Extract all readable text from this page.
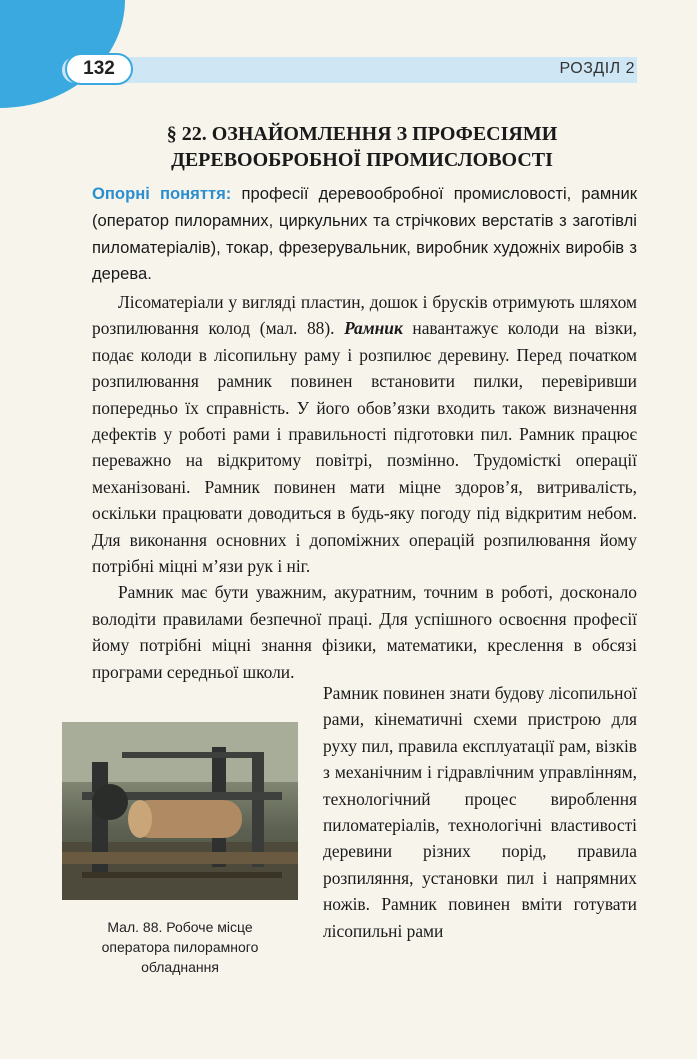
132	РОЗДІЛ 2
§ 22. ОЗНАЙОМЛЕННЯ З ПРОФЕСІЯМИ
ДЕРЕВООБРОБНОЇ ПРОМИСЛОВОСТІ

Опорні поняття: професії деревообробної промисловості, рамник (оператор пилорамних, циркульних та стрічкових верстатів з заготівлі пиломатеріалів), токар, фрезерувальник, виробник художніх виробів з дерева.

Лісоматеріали у вигляді пластин, дошок і брусків отримують шляхом розпилювання колод (мал. 88). Рамник навантажує колоди на візки, подає колоди в лісопильну раму і розпилює деревину. Перед початком розпилювання рамник повинен встановити пилки, перевіривши попередньо їх справність. У його обов’язки входить також визначення дефектів у роботі рами і правильності підготовки пил. Рамник працює переважно на відкритому повітрі, позмінно. Трудомісткі операції механізовані. Рамник повинен мати міцне здоров’я, витривалість, оскільки працювати доводиться в будь-яку погоду під відкритим небом. Для виконання основних і допоміжних операцій розпилювання йому потрібні міцні м’язи рук і ніг.

Рамник має бути уважним, акуратним, точним в роботі, досконало володіти правилами безпечної праці. Для успішного освоєння професії йому потрібні міцні знання фізики, математики, креслення в обсязі програми середньої школи.

Мал. 88. Робоче місце
оператора пилорамного
обладнання

Рамник повинен знати будову лісопильної рами, кінематичні схеми пристрою для руху пил, правила експлуатації рам, візків з механічним і гідравлічним управлінням, технологічний процес вироблення пиломатеріалів, технологічні властивості деревини різних порід, правила розпиляння, установки пил і напрямних ножів. Рамник повинен вміти готувати лісопильні рами
